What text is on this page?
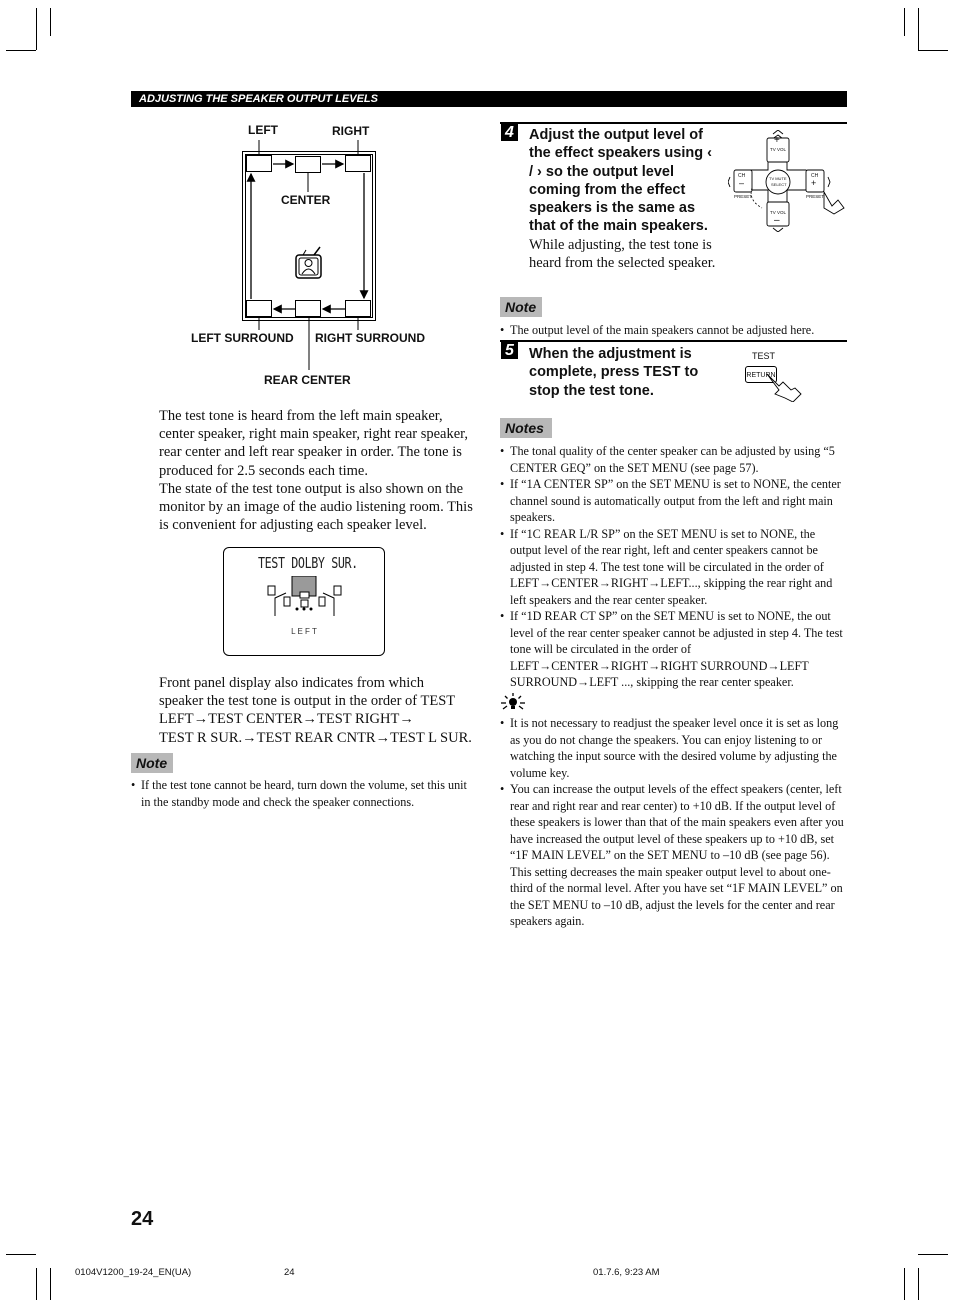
ADJUSTING THE SPEAKER OUTPUT LEVELS
LEFT	RIGHT
CENTER
LEFT SURROUND RIGHT SURROUND
REAR CENTER
The test tone is heard from the left main speaker, center speaker, right main speaker, right rear speaker, rear center and left rear speaker in order. The tone is produced for 2.5 seconds each time.
The state of the test tone output is also shown on the monitor by an image of the audio listening room. This is convenient for adjusting each speaker level.
TEST DOLBY SUR.
L E F T
Front panel display also indicates from which
speaker the test tone is output in the order of TEST
LEFT→TEST CENTER→TEST RIGHT→
TEST R SUR.→TEST REAR CNTR→TEST L SUR.
Note
• If the test tone cannot be heard, turn down the volume, set this unit in the standby mode and check the speaker connections.
4 Adjust the output level of the effect speakers using ‹ / › so the output level coming from the effect speakers is the same as that of the main speakers.
While adjusting, the test tone is heard from the selected speaker.
+
TV VOL
TV VOL
–
CH
–
CH
+
TV MUTE
SELECT
PRESET	PRESET
Note
• The output level of the main speakers cannot be adjusted here.
5 When the adjustment is complete, press TEST to stop the test tone.
TEST
RETURN
Notes
• The tonal quality of the center speaker can be adjusted by using “5 CENTER GEQ” on the SET MENU (see page 57).
• If “1A CENTER SP” on the SET MENU is set to NONE, the center channel sound is automatically output from the left and right main speakers.
• If “1C REAR L/R SP” on the SET MENU is set to NONE, the output level of the rear right, left and center speakers cannot be adjusted in step 4. The test tone will be circulated in the order of LEFT→CENTER→RIGHT→LEFT..., skipping the rear right and left speakers and the rear center speaker.
• If “1D REAR CT SP” on the SET MENU is set to NONE, the out level of the rear center speaker cannot be adjusted in step 4. The test tone will be circulated in the order of LEFT→CENTER→RIGHT→RIGHT SURROUND→LEFT SURROUND→LEFT ..., skipping the rear center speaker.
• It is not necessary to readjust the speaker level once it is set as long as you do not change the speakers. You can enjoy listening to or watching the input source with the desired volume by adjusting the volume key.
• You can increase the output levels of the effect speakers (center, left rear and right rear and rear center) to +10 dB. If the output level of these speakers is lower than that of the main speakers even after you have increased the output level of these speakers up to +10 dB, set “1F MAIN LEVEL” on the SET MENU to –10 dB (see page 56). This setting decreases the main speaker output level to about one-third of the normal level. After you have set “1F MAIN LEVEL” on the SET MENU to –10 dB, adjust the levels for the center and rear speakers again.
24
0104V1200_19-24_EN(UA)	24	01.7.6, 9:23 AM
